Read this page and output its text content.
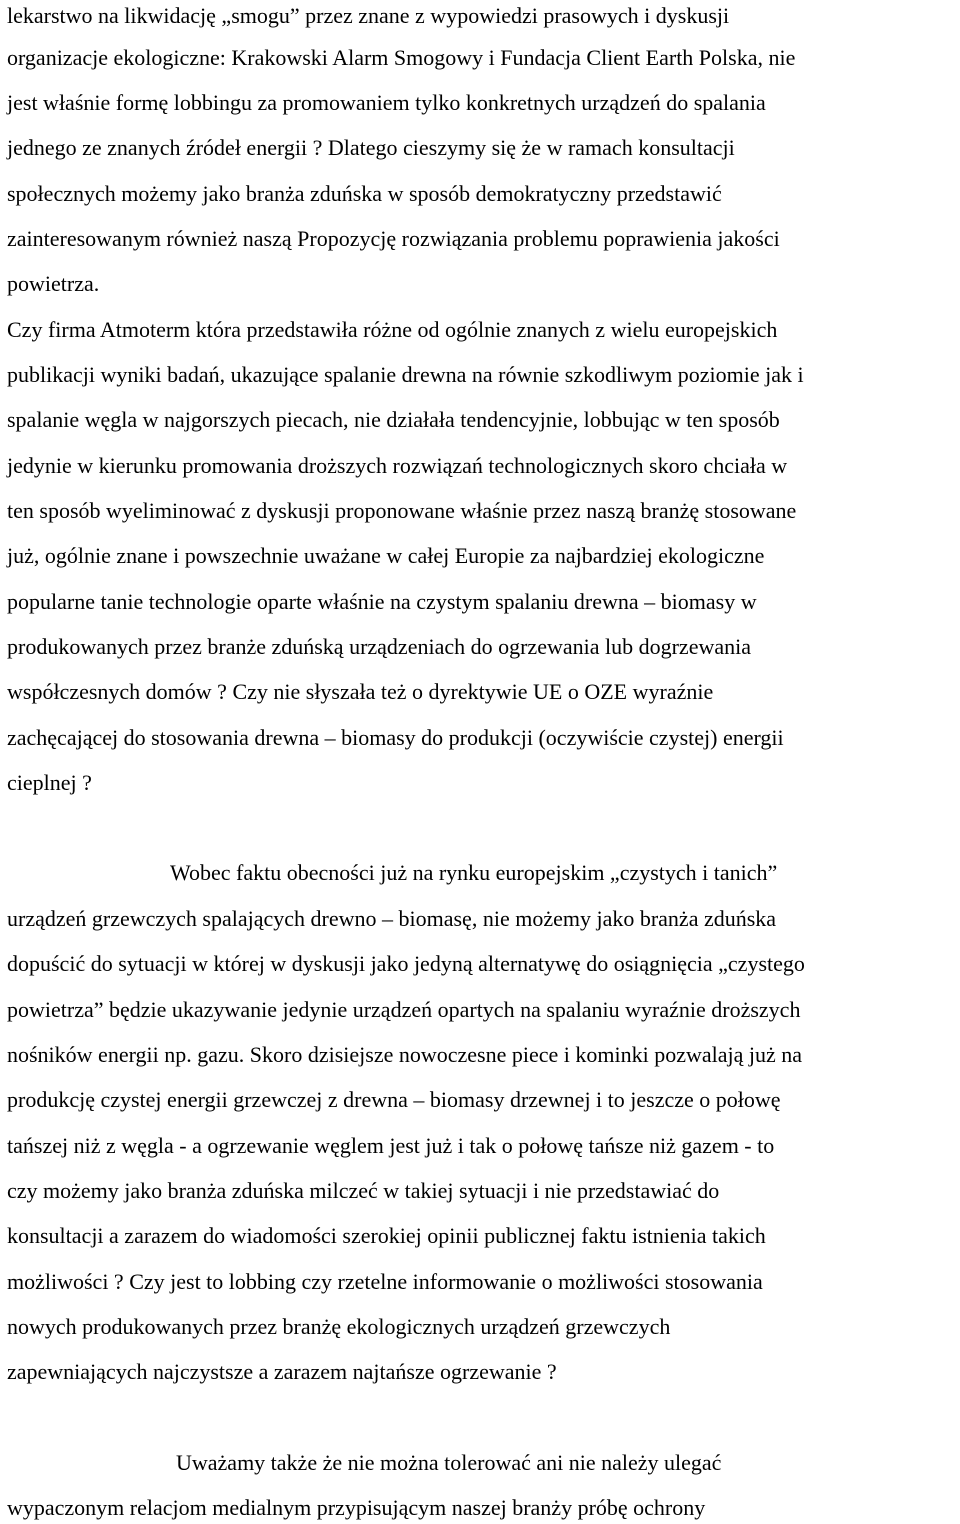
lekarstwo na likwidację „smogu” przez znane z wypowiedzi prasowych i dyskusji
organizacje ekologiczne: Krakowski Alarm Smogowy i Fundacja Client Earth Polska, nie
jest właśnie formę lobbingu za promowaniem tylko konkretnych urządzeń do spalania
jednego ze znanych źródeł energii ? Dlatego cieszymy się że w ramach konsultacji
społecznych możemy jako branża zduńska w sposób demokratyczny przedstawić
zainteresowanym również naszą Propozycję rozwiązania problemu poprawienia jakości
powietrza.
Czy firma Atmoterm która przedstawiła różne od ogólnie znanych z wielu europejskich
publikacji wyniki badań, ukazujące spalanie drewna na równie szkodliwym poziomie jak i
spalanie węgla w najgorszych piecach, nie działała tendencyjnie, lobbując w ten sposób
jedynie w kierunku promowania droższych rozwiązań technologicznych skoro chciała w
ten sposób wyeliminować z dyskusji proponowane właśnie przez naszą branżę stosowane
już, ogólnie znane i powszechnie uważane w całej Europie za najbardziej ekologiczne
popularne tanie technologie oparte właśnie na czystym spalaniu drewna – biomasy w
produkowanych przez branże zduńską urządzeniach do ogrzewania lub dogrzewania
współczesnych domów ? Czy nie słyszała też o dyrektywie UE o OZE wyraźnie
zachęcającej do stosowania drewna – biomasy do produkcji (oczywiście czystej) energii
cieplnej ?
Wobec faktu obecności już na rynku europejskim „czystych i tanich”
urządzeń grzewczych spalających drewno – biomasę, nie możemy jako branża zduńska
dopuścić do sytuacji w której w dyskusji jako jedyną alternatywę do osiągnięcia „czystego
powietrza” będzie ukazywanie jedynie urządzeń opartych na spalaniu wyraźnie droższych
nośników energii np. gazu. Skoro dzisiejsze nowoczesne piece i kominki pozwalają już na
produkcję czystej energii grzewczej z drewna – biomasy drzewnej i to jeszcze o połowę
tańszej niż z węgla - a ogrzewanie węglem jest już i tak o połowę tańsze niż gazem - to
czy możemy jako branża zduńska milczeć w takiej sytuacji i nie przedstawiać do
konsultacji a zarazem do wiadomości szerokiej opinii publicznej faktu istnienia takich
możliwości ? Czy jest to lobbing czy rzetelne informowanie o możliwości stosowania
nowych produkowanych przez branżę ekologicznych urządzeń grzewczych
zapewniających najczystsze a zarazem najtańsze ogrzewanie ?
Uważamy także że nie można tolerować ani nie należy ulegać
wypaczonym relacjom medialnym przypisującym naszej branży próbę ochrony
